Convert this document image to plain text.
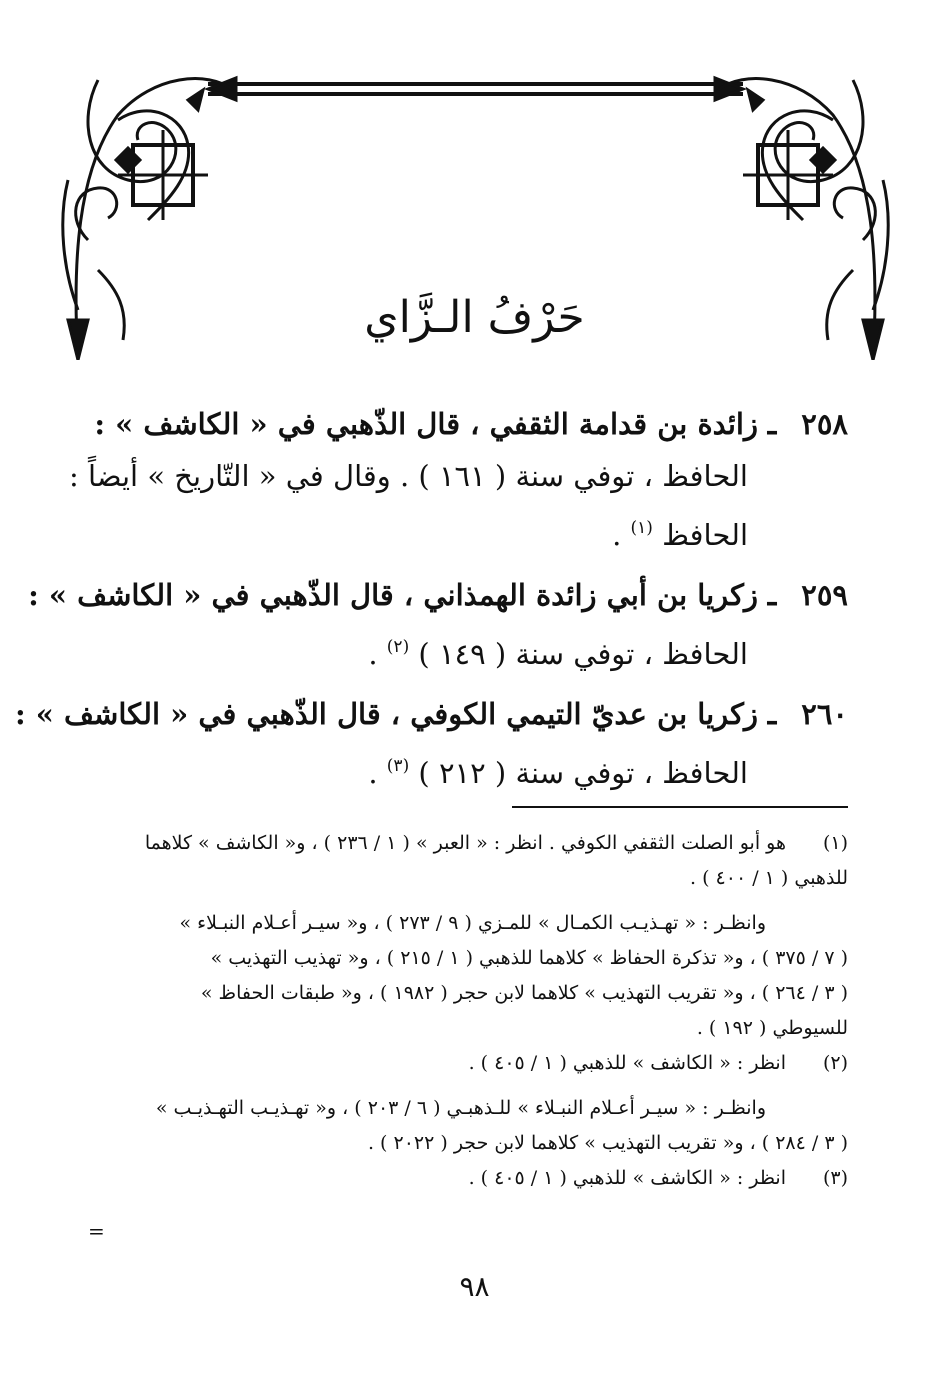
حَرْفُ الـزَّاي
٢٥٨ـزائدة بن قدامة الثقفي ، قال الذّهبي في « الكاشف » :
الحافظ ، توفي سنة ( ١٦١ ) . وقال في « التّاريخ » أيضاً :
الحافظ $^{(١)}$ .
٢٥٩ـزكريا بن أبي زائدة الهمذاني ، قال الذّهبي في « الكاشف » :
الحافظ ، توفي سنة ( ١٤٩ ) $^{(٢)}$ .
٢٦٠ـزكريا بن عديّ التيمي الكوفي ، قال الذّهبي في « الكاشف » :
الحافظ ، توفي سنة ( ٢١٢ ) $^{(٣)}$ .
(١)هو أبو الصلت الثقفي الكوفي . انظر : « العبر » ( ١ / ٢٣٦ ) ، و« الكاشف » كلاهما
للذهبي ( ١ / ٤٠٠ ) .
وانظـر : « تهـذيـب الكمـال » للمـزي ( ٩ / ٢٧٣ ) ، و« سيـر أعـلام النبـلاء »
( ٧ / ٣٧٥ ) ، و« تذكرة الحفاظ » كلاهما للذهبي ( ١ / ٢١٥ ) ، و« تهذيب التهذيب »
( ٣ / ٢٦٤ ) ، و« تقريب التهذيب » كلاهما لابن حجر ( ١٩٨٢ ) ، و« طبقات الحفاظ »
للسيوطي ( ١٩٢ ) .
(٢)انظر : « الكاشف » للذهبي ( ١ / ٤٠٥ ) .
وانظـر : « سيـر أعـلام النبـلاء » للـذهبـي ( ٦ / ٢٠٣ ) ، و« تهـذيـب التهـذيـب »
( ٣ / ٢٨٤ ) ، و« تقريب التهذيب » كلاهما لابن حجر ( ٢٠٢٢ ) .
(٣)انظر : « الكاشف » للذهبي ( ١ / ٤٠٥ ) .
=
٩٨
